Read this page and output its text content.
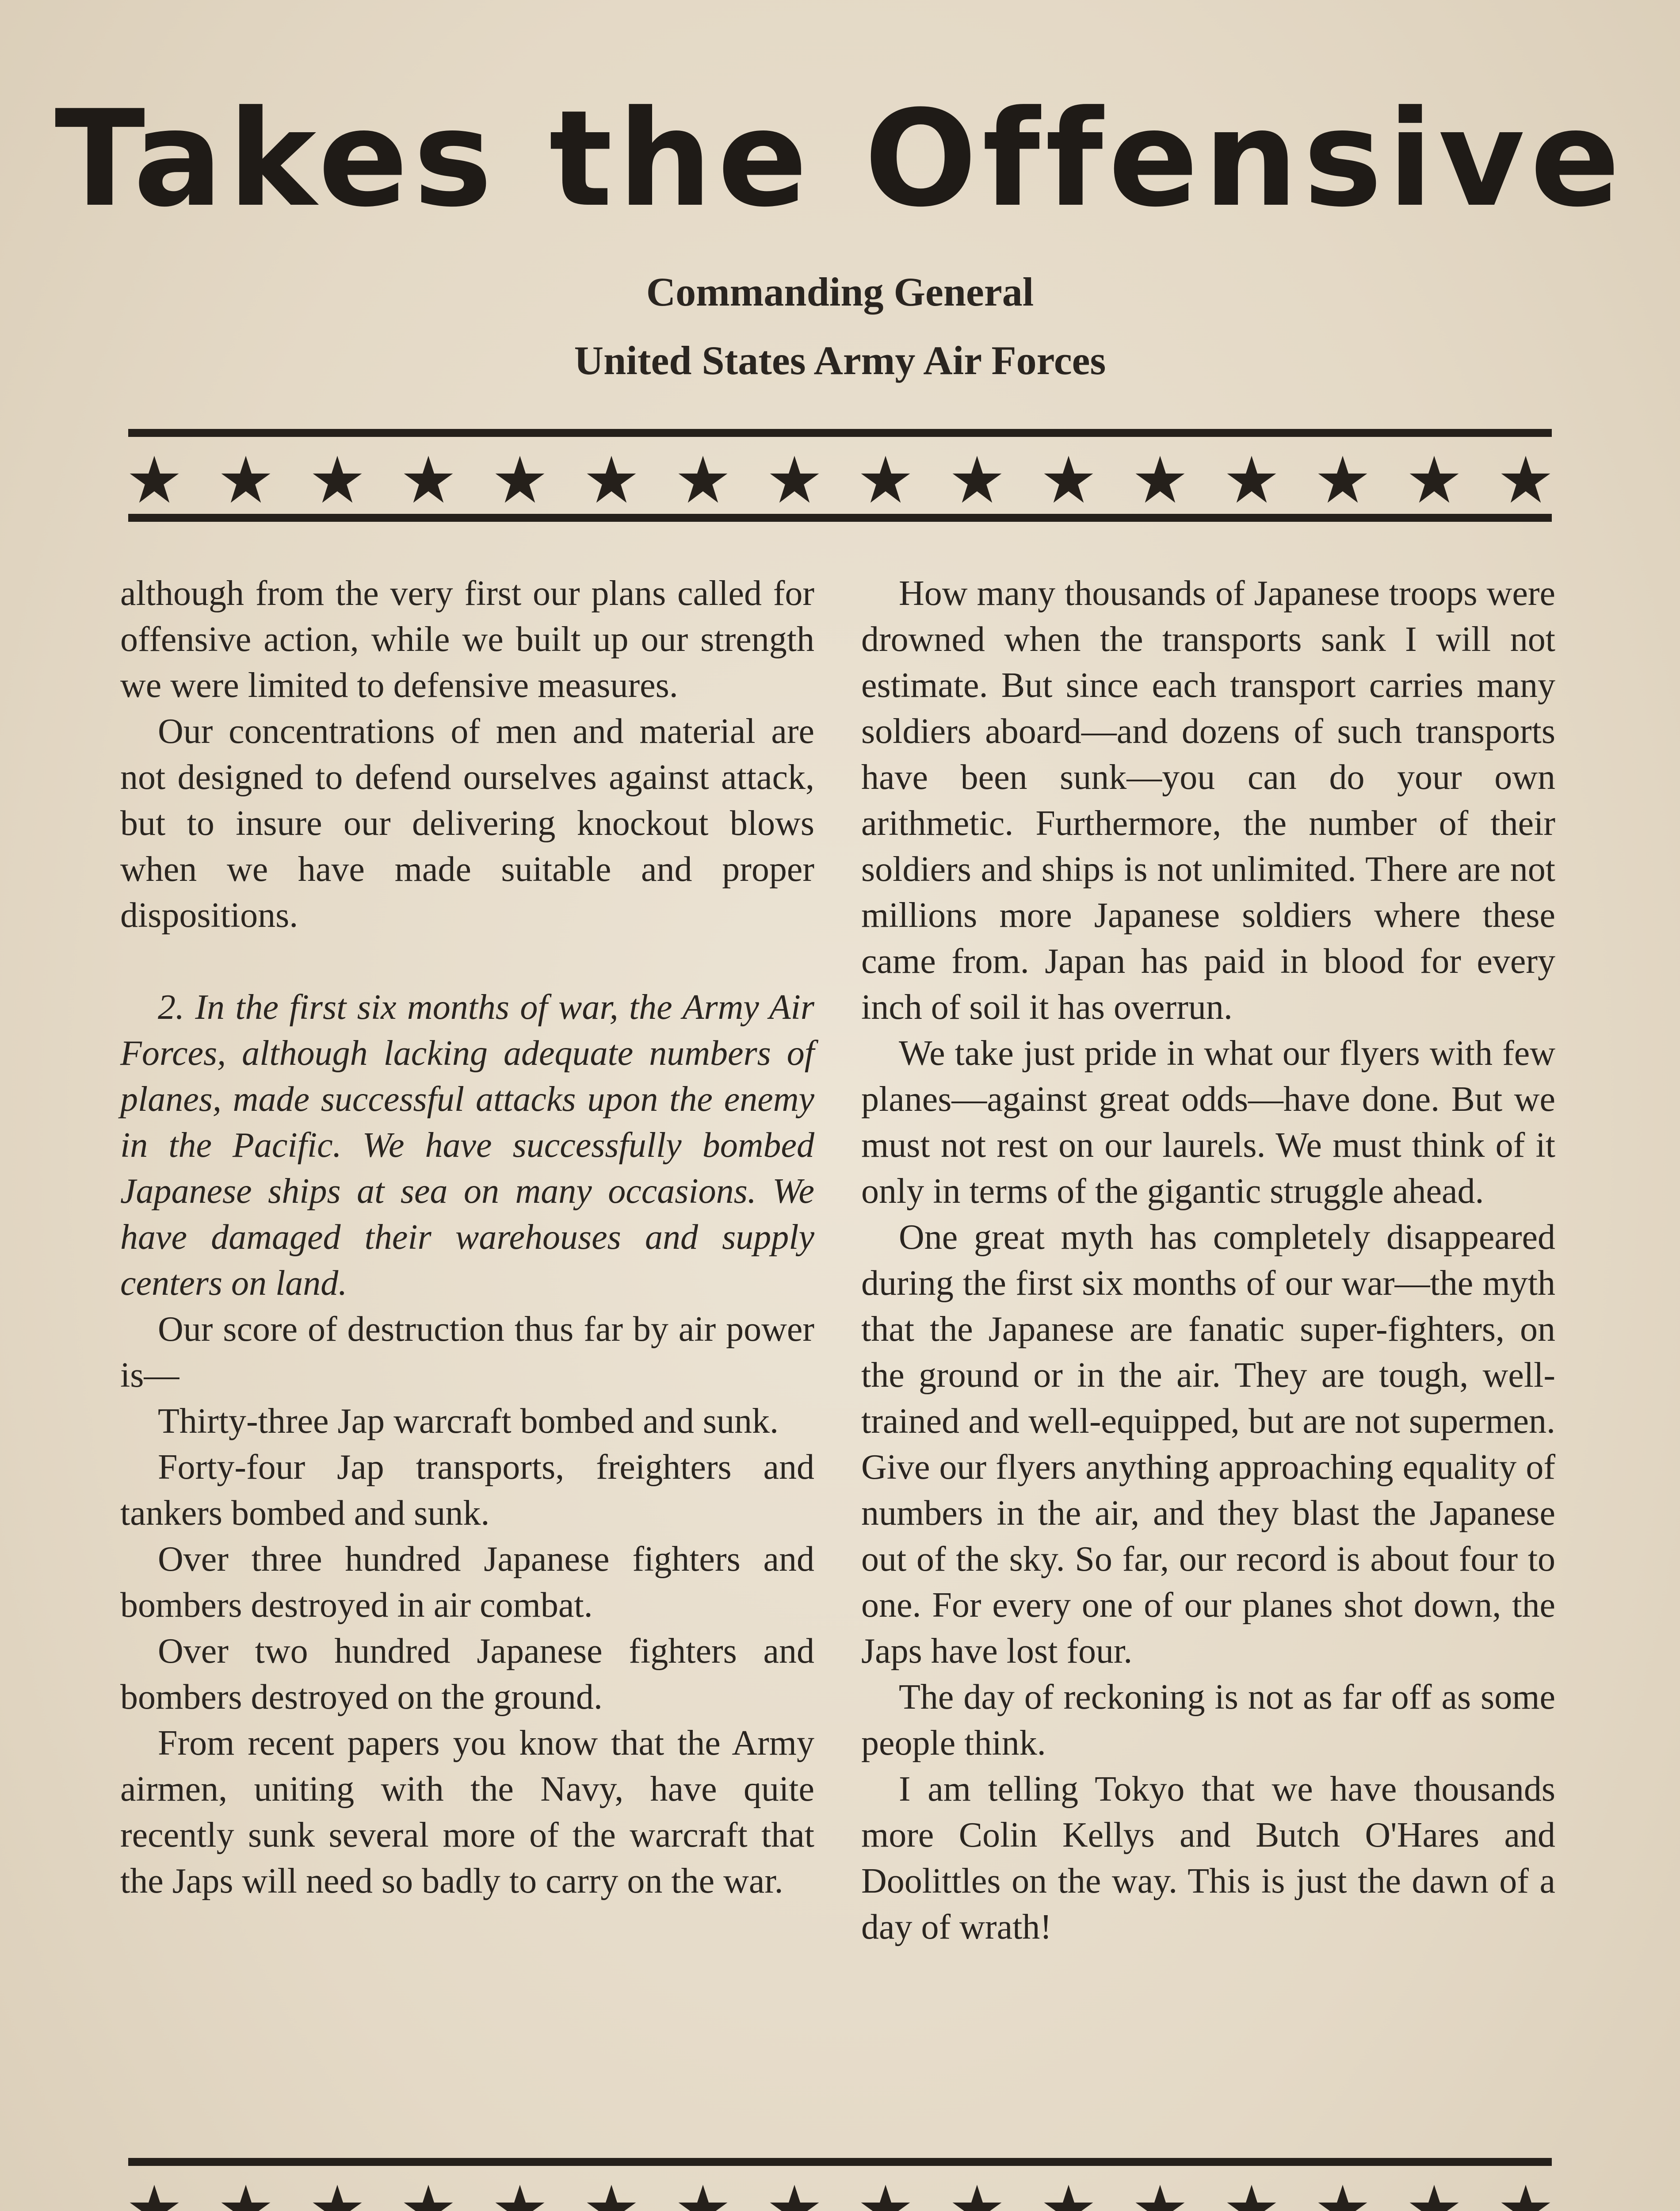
Takes the Offensive
Commanding General
United States Army Air Forces

although from the very first our plans called for offensive action, while we built up our strength we were limited to defensive measures.

Our concentrations of men and material are not designed to defend ourselves against attack, but to insure our delivering knockout blows when we have made suitable and proper dispositions.

2. In the first six months of war, the Army Air Forces, although lacking adequate numbers of planes, made successful attacks upon the enemy in the Pacific. We have successfully bombed Japanese ships at sea on many occasions. We have damaged their warehouses and supply centers on land.

Our score of destruction thus far by air power is—

Thirty-three Jap warcraft bombed and sunk.

Forty-four Jap transports, freighters and tankers bombed and sunk.

Over three hundred Japanese fighters and bombers destroyed in air combat.

Over two hundred Japanese fighters and bombers destroyed on the ground.

From recent papers you know that the Army airmen, uniting with the Navy, have quite recently sunk several more of the warcraft that the Japs will need so badly to carry on the war.

How many thousands of Japanese troops were drowned when the transports sank I will not estimate. But since each transport carries many soldiers aboard—and dozens of such transports have been sunk—you can do your own arithmetic. Furthermore, the number of their soldiers and ships is not unlimited. There are not millions more Japanese soldiers where these came from. Japan has paid in blood for every inch of soil it has overrun.

We take just pride in what our flyers with few planes—against great odds—have done. But we must not rest on our laurels. We must think of it only in terms of the gigantic struggle ahead.

One great myth has completely disappeared during the first six months of our war—the myth that the Japanese are fanatic super-fighters, on the ground or in the air. They are tough, well-trained and well-equipped, but are not supermen. Give our flyers anything approaching equality of numbers in the air, and they blast the Japanese out of the sky. So far, our record is about four to one. For every one of our planes shot down, the Japs have lost four.

The day of reckoning is not as far off as some people think.

I am telling Tokyo that we have thousands more Colin Kellys and Butch O'Hares and Doolittles on the way. This is just the dawn of a day of wrath!
